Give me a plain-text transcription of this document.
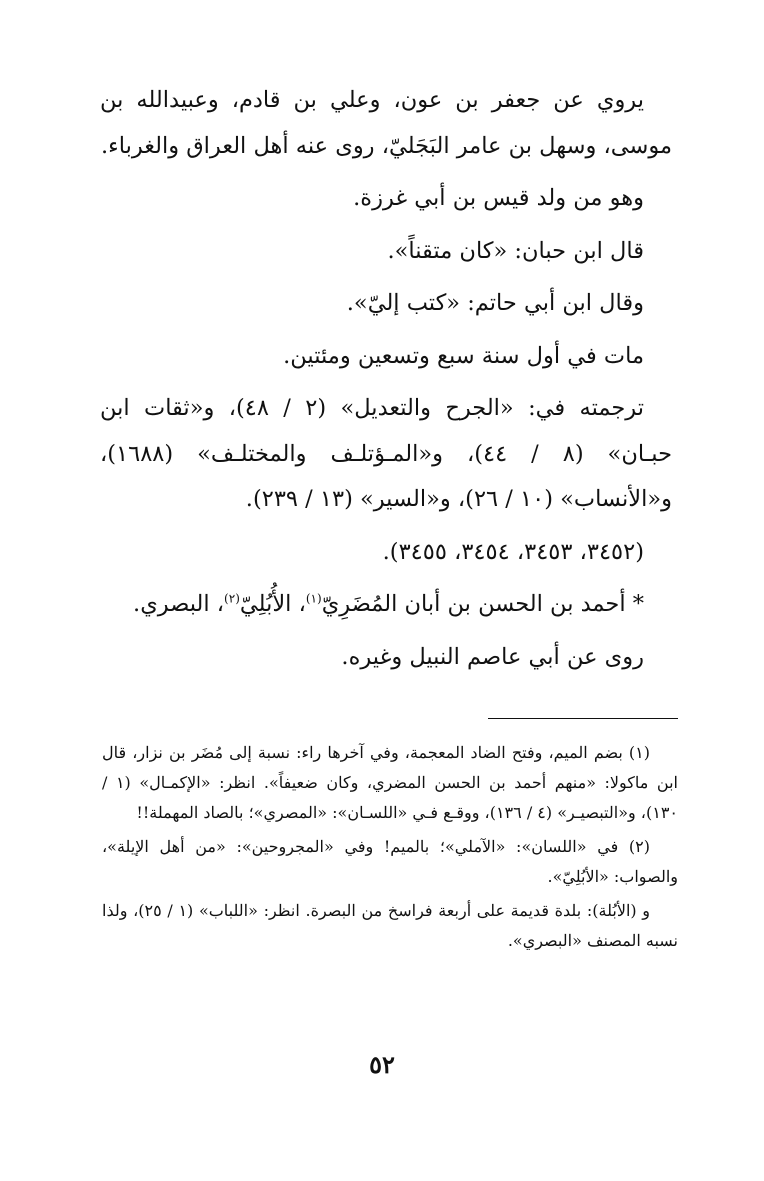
يروي عن جعفر بن عون، وعلي بن قادم، وعبيدالله بن موسى، وسهل بن عامر البَجَليّ، روى عنه أهل العراق والغرباء.

وهو من ولد قيس بن أبي غرزة.

قال ابن حبان: «كان متقناً».

وقال ابن أبي حاتم: «كتب إليّ».

مات في أول سنة سبع وتسعين ومئتين.

ترجمته في: «الجرح والتعديل» (٢ / ٤٨)، و«ثقات ابن حبـان» (٨ / ٤٤)، و«المـؤتلـف والمختلـف» (١٦٨٨)، و«الأنساب» (١٠ / ٢٦)، و«السير» (١٣ / ٢٣٩).

(٣٤٥٢، ٣٤٥٣، ٣٤٥٤، ٣٤٥٥).

* أحمد بن الحسن بن أبان المُضَرِيّ$^{(١)}$، الأُبُلِيّ$^{(٢)}$، البصري.

روى عن أبي عاصم النبيل وغيره.

(١) بضم الميم، وفتح الضاد المعجمة، وفي آخرها راء: نسبة إلى مُضَر بن نزار، قال ابن ماكولا: «منهم أحمد بن الحسن المضري، وكان ضعيفاً». انظر: «الإكمـال» (١ / ١٣٠)، و«التبصيـر» (٤ / ١٣٦)، ووقـع فـي «اللسـان»: «المصري»؛ بالصاد المهملة!!

(٢) في «اللسان»: «الآملي»؛ بالميم! وفي «المجروحين»: «من أهل الإيلة»، والصواب: «الأبُلِيّ».

و (الأبُلة): بلدة قديمة على أربعة فراسخ من البصرة. انظر: «اللباب» (١ / ٢٥)، ولذا نسبه المصنف «البصري».

٥٢
